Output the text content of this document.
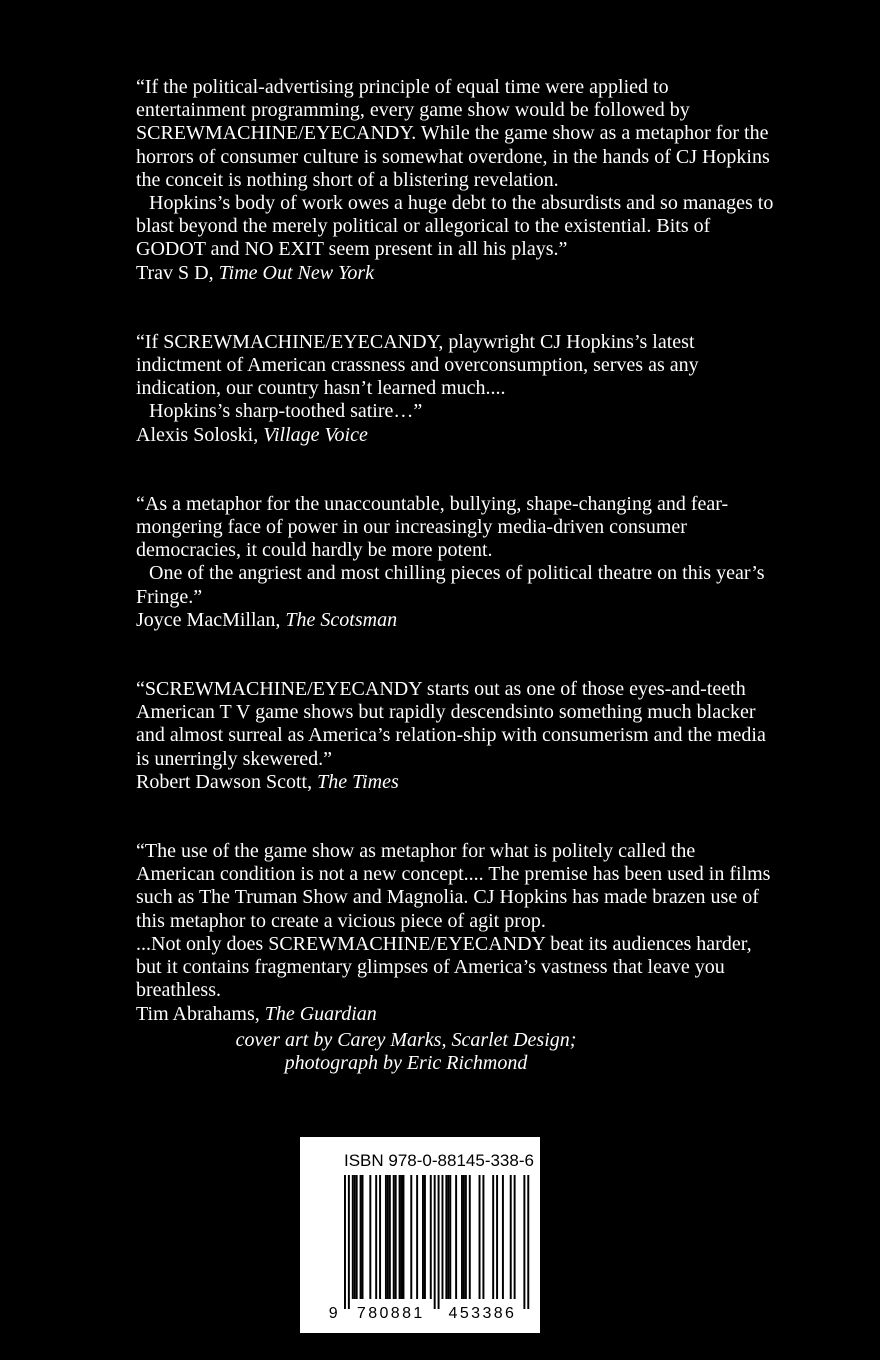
“If the political-advertising principle of equal time were applied to entertainment programming, every game show would be followed by SCREWMACHINE/EYECANDY. While the game show as a metaphor for the horrors of consumer culture is somewhat overdone, in the hands of CJ Hopkins the conceit is nothing short of a blistering revelation.

Hopkins’s body of work owes a huge debt to the absurdists and so manages to blast beyond the merely political or allegorical to the existential. Bits of GODOT and NO EXIT seem present in all his plays.”

Trav S D, Time Out New York

“If SCREWMACHINE/EYECANDY, playwright CJ Hopkins’s latest indictment of American crassness and overconsumption, serves as any indication, our country hasn’t learned much....

Hopkins’s sharp-toothed satire…”

Alexis Soloski, Village Voice

“As a metaphor for the unaccountable, bullying, shape-changing and fear-mongering face of power in our increasingly media-driven consumer democracies, it could hardly be more potent.

One of the angriest and most chilling pieces of political theatre on this year’s Fringe.”

Joyce MacMillan, The Scotsman

“SCREWMACHINE/EYECANDY starts out as one of those eyes-and-teeth American T V game shows but rapidly descendsinto something much blacker and almost surreal as America’s relation-ship with consumerism and the media is unerringly skewered.”

Robert Dawson Scott, The Times

“The use of the game show as metaphor for what is politely called the American condition is not a new concept.... The premise has been used in films such as The Truman Show and Magnolia. CJ Hopkins has made brazen use of this metaphor to create a vicious piece of agit prop.

...Not only does SCREWMACHINE/EYECANDY beat its audiences harder, but it contains fragmentary glimpses of America’s vastness that leave you breathless.

Tim Abrahams, The Guardian

cover art by Carey Marks, Scarlet Design;

photograph by Eric Richmond

ISBN 978-0-88145-338-6
9 780881 453386
